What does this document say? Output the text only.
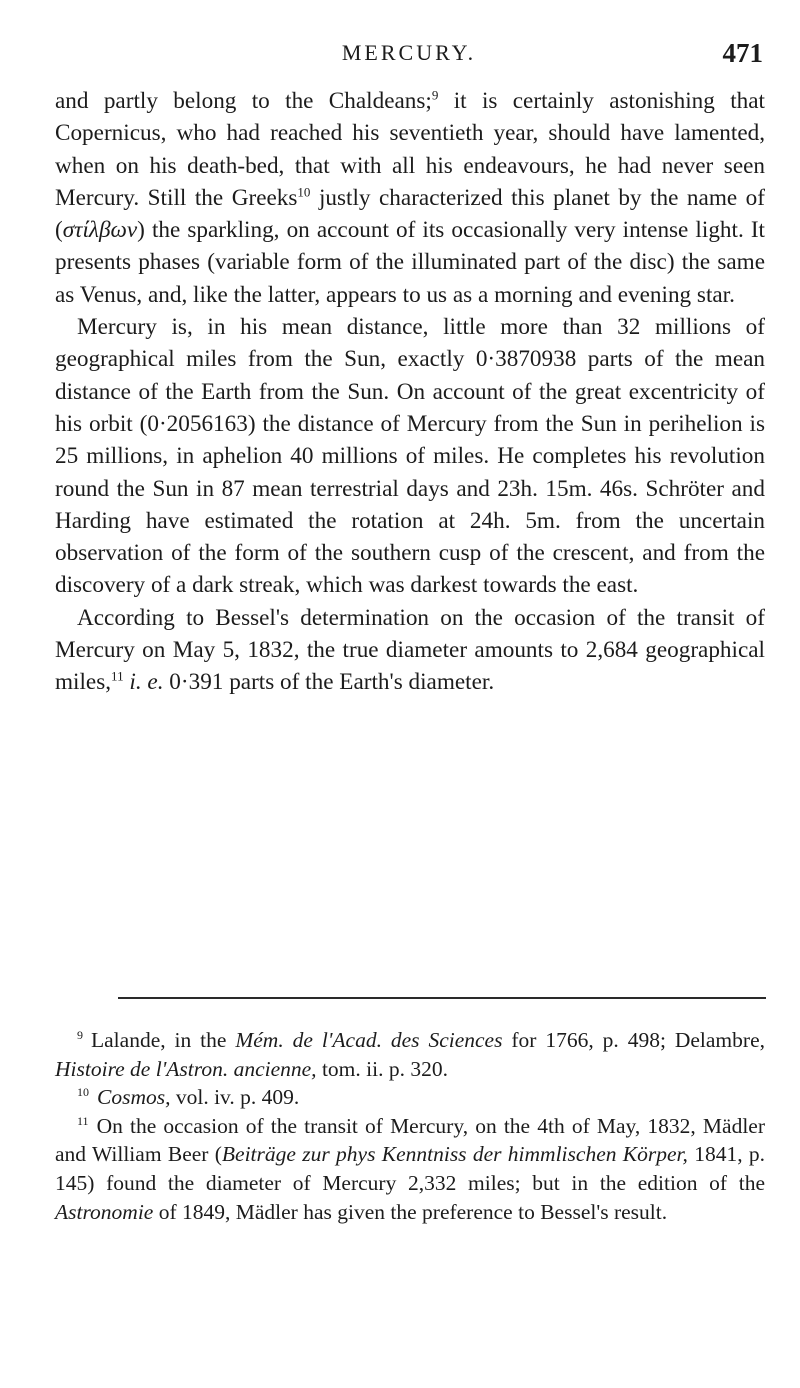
MERCURY.	471

and partly belong to the Chaldeans;$^9$ it is certainly astonishing that Copernicus, who had reached his seventieth year, should have lamented, when on his death-bed, that with all his endeavours, he had never seen Mercury. Still the Greeks$^{10}$ justly characterized this planet by the name of (στίλβων) the sparkling, on account of its occasionally very intense light. It presents phases (variable form of the illuminated part of the disc) the same as Venus, and, like the latter, appears to us as a morning and evening star.

Mercury is, in his mean distance, little more than 32 millions of geographical miles from the Sun, exactly 0·3870938 parts of the mean distance of the Earth from the Sun. On account of the great excentricity of his orbit (0·2056163) the distance of Mercury from the Sun in perihelion is 25 millions, in aphelion 40 millions of miles. He completes his revolution round the Sun in 87 mean terrestrial days and 23h. 15m. 46s. Schröter and Harding have estimated the rotation at 24h. 5m. from the uncertain observation of the form of the southern cusp of the crescent, and from the discovery of a dark streak, which was darkest towards the east.

According to Bessel's determination on the occasion of the transit of Mercury on May 5, 1832, the true diameter amounts to 2,684 geographical miles,$^{11}$ i. e. 0·391 parts of the Earth's diameter.

$^9$ Lalande, in the Mém. de l'Acad. des Sciences for 1766, p. 498; Delambre, Histoire de l'Astron. ancienne, tom. ii. p. 320.

$^{10}$ Cosmos, vol. iv. p. 409.

$^{11}$ On the occasion of the transit of Mercury, on the 4th of May, 1832, Mädler and William Beer (Beiträge zur phys Kenntniss der himmlischen Körper, 1841, p. 145) found the diameter of Mercury 2,332 miles; but in the edition of the Astronomie of 1849, Mädler has given the preference to Bessel's result.
